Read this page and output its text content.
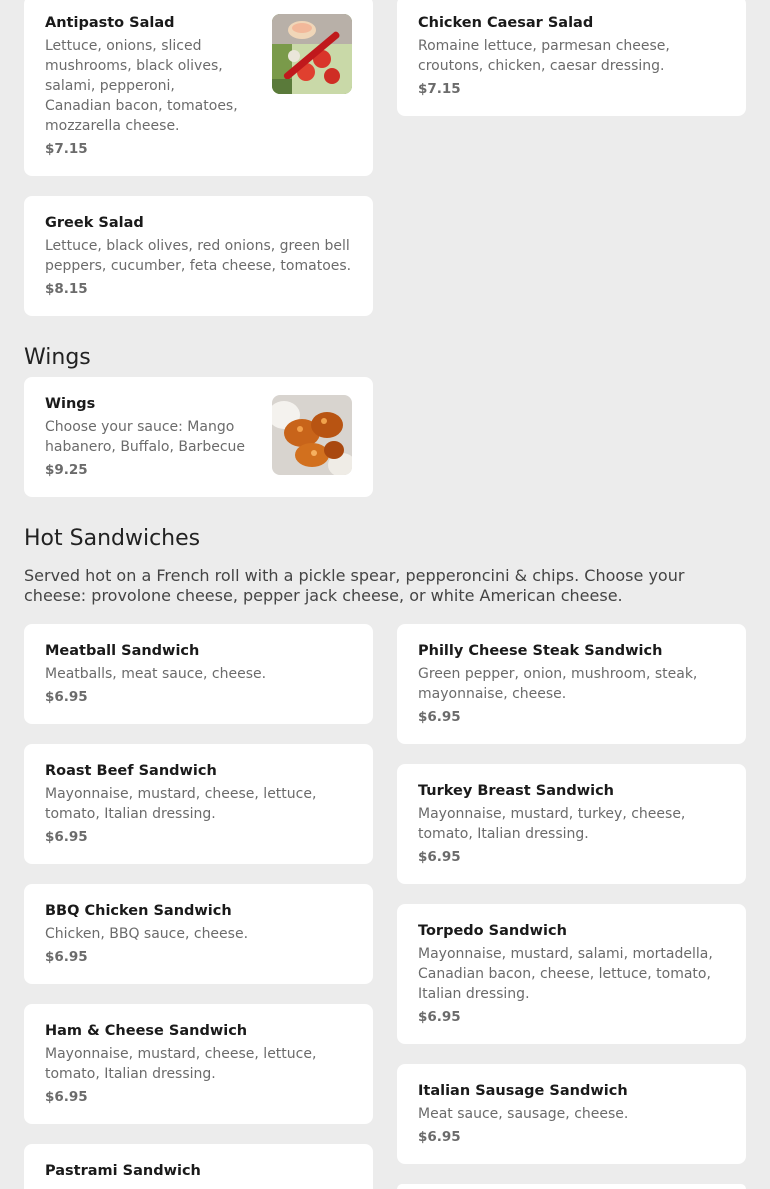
Antipasto Salad
Lettuce, onions, sliced mushrooms, black olives, salami, pepperoni, Canadian bacon, tomatoes, mozzarella cheese.
$7.15
Chicken Caesar Salad
Romaine lettuce, parmesan cheese, croutons, chicken, caesar dressing.
$7.15
Greek Salad
Lettuce, black olives, red onions, green bell peppers, cucumber, feta cheese, tomatoes.
$8.15
Wings
Wings
Choose your sauce: Mango habanero, Buffalo, Barbecue
$9.25
Hot Sandwiches
Served hot on a French roll with a pickle spear, pepperoncini & chips. Choose your cheese: provolone cheese, pepper jack cheese, or white American cheese.
Meatball Sandwich
Meatballs, meat sauce, cheese.
$6.95
Roast Beef Sandwich
Mayonnaise, mustard, cheese, lettuce, tomato, Italian dressing.
$6.95
BBQ Chicken Sandwich
Chicken, BBQ sauce, cheese.
$6.95
Ham & Cheese Sandwich
Mayonnaise, mustard, cheese, lettuce, tomato, Italian dressing.
$6.95
Pastrami Sandwich
Philly Cheese Steak Sandwich
Green pepper, onion, mushroom, steak, mayonnaise, cheese.
$6.95
Turkey Breast Sandwich
Mayonnaise, mustard, turkey, cheese, tomato, Italian dressing.
$6.95
Torpedo Sandwich
Mayonnaise, mustard, salami, mortadella, Canadian bacon, cheese, lettuce, tomato, Italian dressing.
$6.95
Italian Sausage Sandwich
Meat sauce, sausage, cheese.
$6.95
